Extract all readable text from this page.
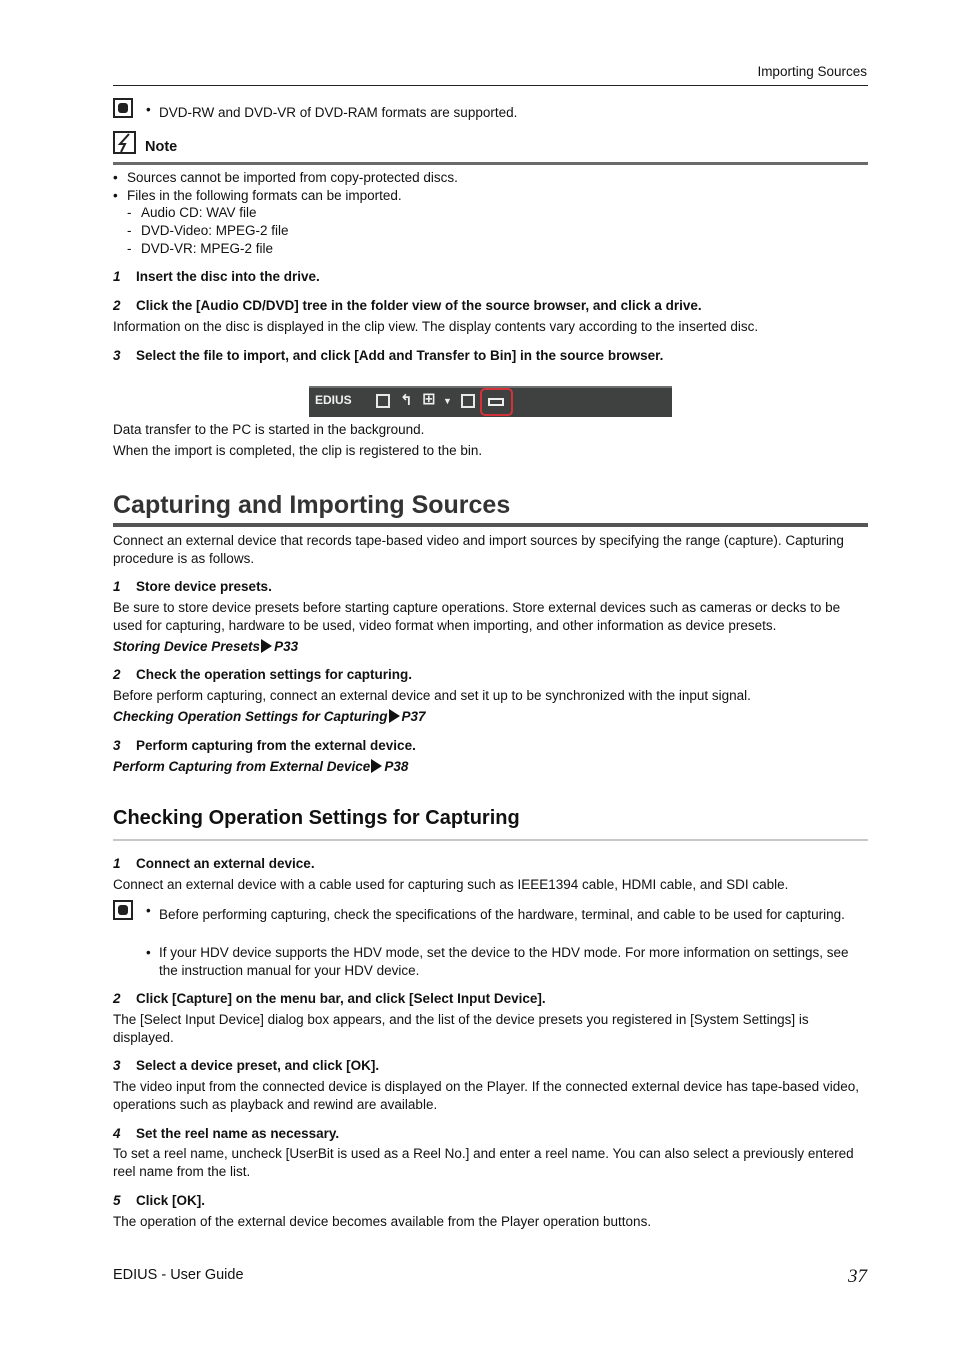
Importing Sources
• DVD-RW and DVD-VR of DVD-RAM formats are supported.
Note
• Sources cannot be imported from copy-protected discs.
• Files in the following formats can be imported.
- Audio CD: WAV file
- DVD-Video: MPEG-2 file
- DVD-VR: MPEG-2 file
1 Insert the disc into the drive.
2 Click the [Audio CD/DVD] tree in the folder view of the source browser, and click a drive.
Information on the disc is displayed in the clip view. The display contents vary according to the inserted disc.
3 Select the file to import, and click [Add and Transfer to Bin] in the source browser.
EDIUS	↰ ⊞ ▼
Data transfer to the PC is started in the background.
When the import is completed, the clip is registered to the bin.
Capturing and Importing Sources
Connect an external device that records tape-based video and import sources by specifying the range (capture). Capturing procedure is as follows.
1 Store device presets.
Be sure to store device presets before starting capture operations. Store external devices such as cameras or decks to be used for capturing, hardware to be used, video format when importing, and other information as device presets.
Storing Device Presets P33
2 Check the operation settings for capturing.
Before perform capturing, connect an external device and set it up to be synchronized with the input signal.
Checking Operation Settings for Capturing P37
3 Perform capturing from the external device.
Perform Capturing from External Device P38
Checking Operation Settings for Capturing
1 Connect an external device.
Connect an external device with a cable used for capturing such as IEEE1394 cable, HDMI cable, and SDI cable.
• Before performing capturing, check the specifications of the hardware, terminal, and cable to be used for capturing.
• If your HDV device supports the HDV mode, set the device to the HDV mode. For more information on settings, see the instruction manual for your HDV device.
2 Click [Capture] on the menu bar, and click [Select Input Device].
The [Select Input Device] dialog box appears, and the list of the device presets you registered in [System Settings] is displayed.
3 Select a device preset, and click [OK].
The video input from the connected device is displayed on the Player. If the connected external device has tape-based video, operations such as playback and rewind are available.
4 Set the reel name as necessary.
To set a reel name, uncheck [UserBit is used as a Reel No.] and enter a reel name. You can also select a previously entered reel name from the list.
5 Click [OK].
The operation of the external device becomes available from the Player operation buttons.
EDIUS - User Guide	37
